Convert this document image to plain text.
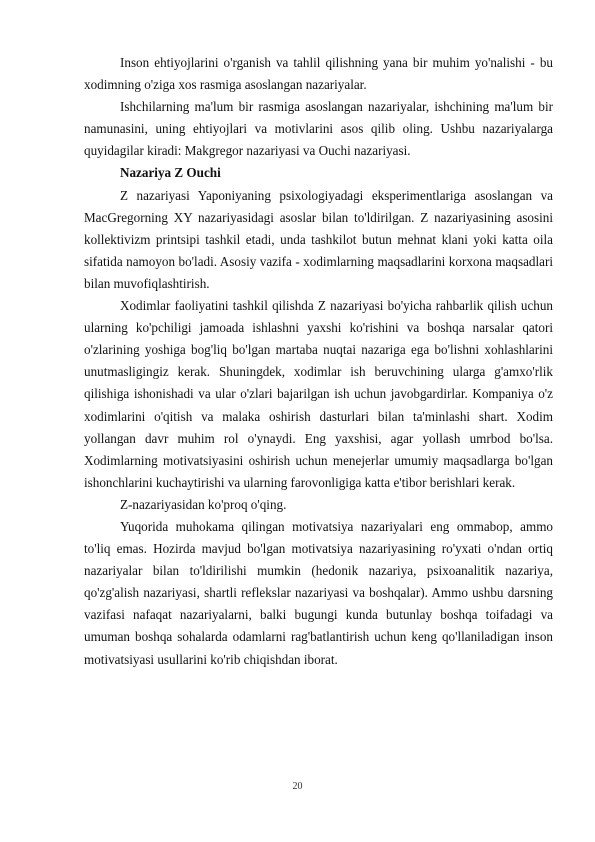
Inson ehtiyojlarini o'rganish va tahlil qilishning yana bir muhim yo'nalishi - bu xodimning o'ziga xos rasmiga asoslangan nazariyalar.

Ishchilarning ma'lum bir rasmiga asoslangan nazariyalar, ishchining ma'lum bir namunasini, uning ehtiyojlari va motivlarini asos qilib oling. Ushbu nazariyalarga quyidagilar kiradi: Makgregor nazariyasi va Ouchi nazariyasi.

Nazariya Z Ouchi

Z nazariyasi Yaponiyaning psixologiyadagi eksperimentlariga asoslangan va MacGregorning XY nazariyasidagi asoslar bilan to'ldirilgan. Z nazariyasining asosini kollektivizm printsipi tashkil etadi, unda tashkilot butun mehnat klani yoki katta oila sifatida namoyon bo'ladi. Asosiy vazifa - xodimlarning maqsadlarini korxona maqsadlari bilan muvofiqlashtirish.

Xodimlar faoliyatini tashkil qilishda Z nazariyasi bo'yicha rahbarlik qilish uchun ularning ko'pchiligi jamoada ishlashni yaxshi ko'rishini va boshqa narsalar qatori o'zlarining yoshiga bog'liq bo'lgan martaba nuqtai nazariga ega bo'lishni xohlashlarini unutmasligingiz kerak. Shuningdek, xodimlar ish beruvchining ularga g'amxo'rlik qilishiga ishonishadi va ular o'zlari bajarilgan ish uchun javobgardirlar. Kompaniya o'z xodimlarini o'qitish va malaka oshirish dasturlari bilan ta'minlashi shart. Xodim yollangan davr muhim rol o'ynaydi. Eng yaxshisi, agar yollash umrbod bo'lsa. Xodimlarning motivatsiyasini oshirish uchun menejerlar umumiy maqsadlarga bo'lgan ishonchlarini kuchaytirishi va ularning farovonligiga katta e'tibor berishlari kerak.

Z-nazariyasidan ko'proq o'qing.

Yuqorida muhokama qilingan motivatsiya nazariyalari eng ommabop, ammo to'liq emas. Hozirda mavjud bo'lgan motivatsiya nazariyasining ro'yxati o'ndan ortiq nazariyalar bilan to'ldirilishi mumkin (hedonik nazariya, psixoanalitik nazariya, qo'zg'alish nazariyasi, shartli reflekslar nazariyasi va boshqalar). Ammo ushbu darsning vazifasi nafaqat nazariyalarni, balki bugungi kunda butunlay boshqa toifadagi va umuman boshqa sohalarda odamlarni rag'batlantirish uchun keng qo'llaniladigan inson motivatsiyasi usullarini ko'rib chiqishdan iborat.

20
